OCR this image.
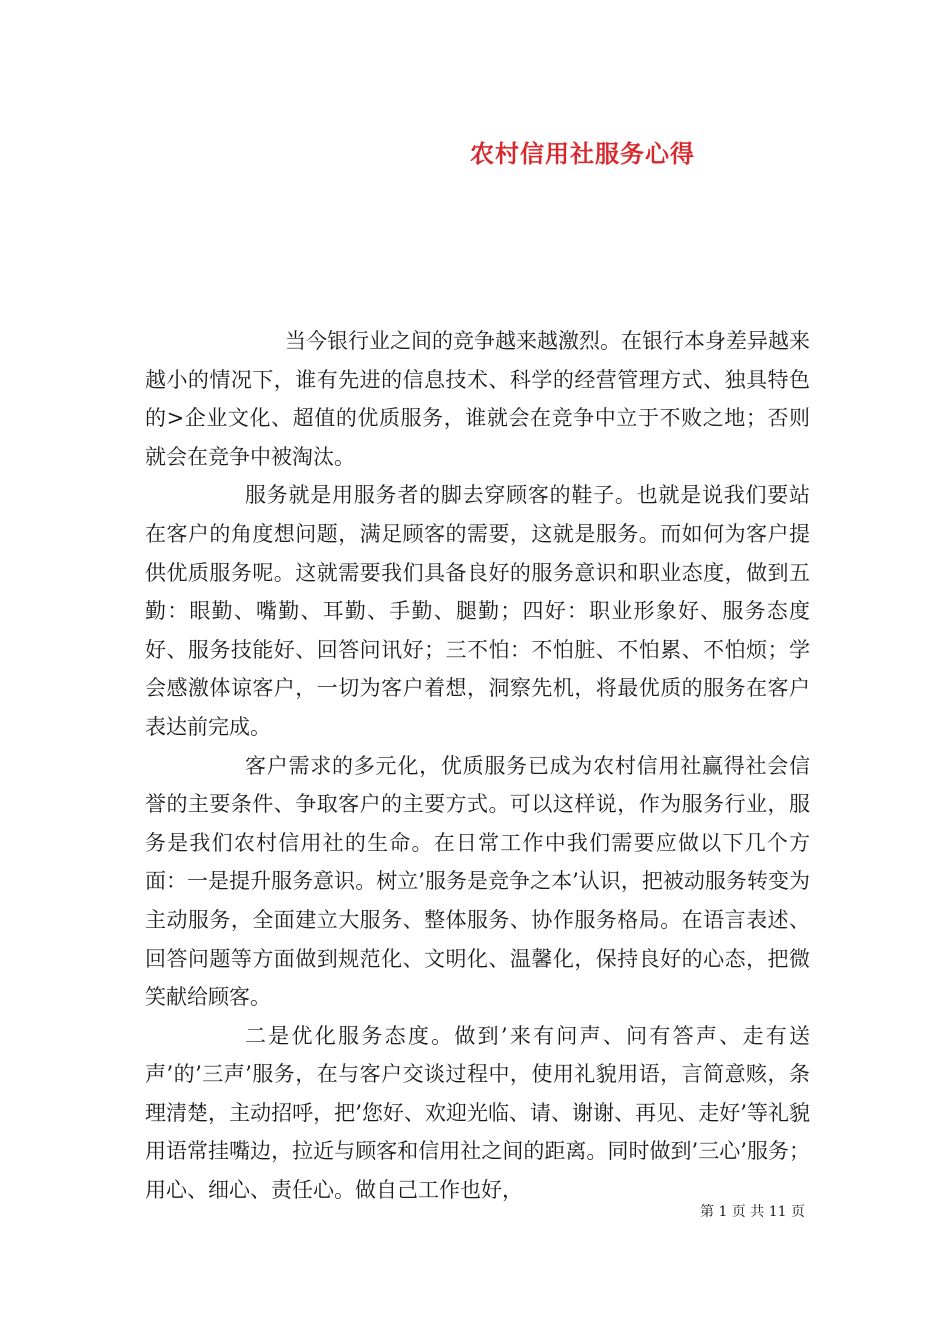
农村信用社服务心得

当今银行业之间的竞争越来越激烈。在银行本身差异越来越小的情况下，谁有先进的信息技术、科学的经营管理方式、独具特色的>企业文化、超值的优质服务，谁就会在竞争中立于不败之地；否则就会在竞争中被淘汰。

服务就是用服务者的脚去穿顾客的鞋子。也就是说我们要站在客户的角度想问题，满足顾客的需要，这就是服务。而如何为客户提供优质服务呢。这就需要我们具备良好的服务意识和职业态度，做到五勤：眼勤、嘴勤、耳勤、手勤、腿勤；四好：职业形象好、服务态度好、服务技能好、回答问讯好；三不怕：不怕脏、不怕累、不怕烦；学会感激体谅客户，一切为客户着想，洞察先机，将最优质的服务在客户表达前完成。

客户需求的多元化，优质服务已成为农村信用社赢得社会信誉的主要条件、争取客户的主要方式。可以这样说，作为服务行业，服务是我们农村信用社的生命。在日常工作中我们需要应做以下几个方面：一是提升服务意识。树立’服务是竞争之本’认识，把被动服务转变为主动服务，全面建立大服务、整体服务、协作服务格局。在语言表述、回答问题等方面做到规范化、文明化、温馨化，保持良好的心态，把微笑献给顾客。

二是优化服务态度。做到’来有问声、问有答声、走有送声’的’三声’服务，在与客户交谈过程中，使用礼貌用语，言简意赅，条理清楚，主动招呼，把’您好、欢迎光临、请、谢谢、再见、走好’等礼貌用语常挂嘴边，拉近与顾客和信用社之间的距离。同时做到’三心’服务；用心、细心、责任心。做自己工作也好，

第 1 页 共 11 页
